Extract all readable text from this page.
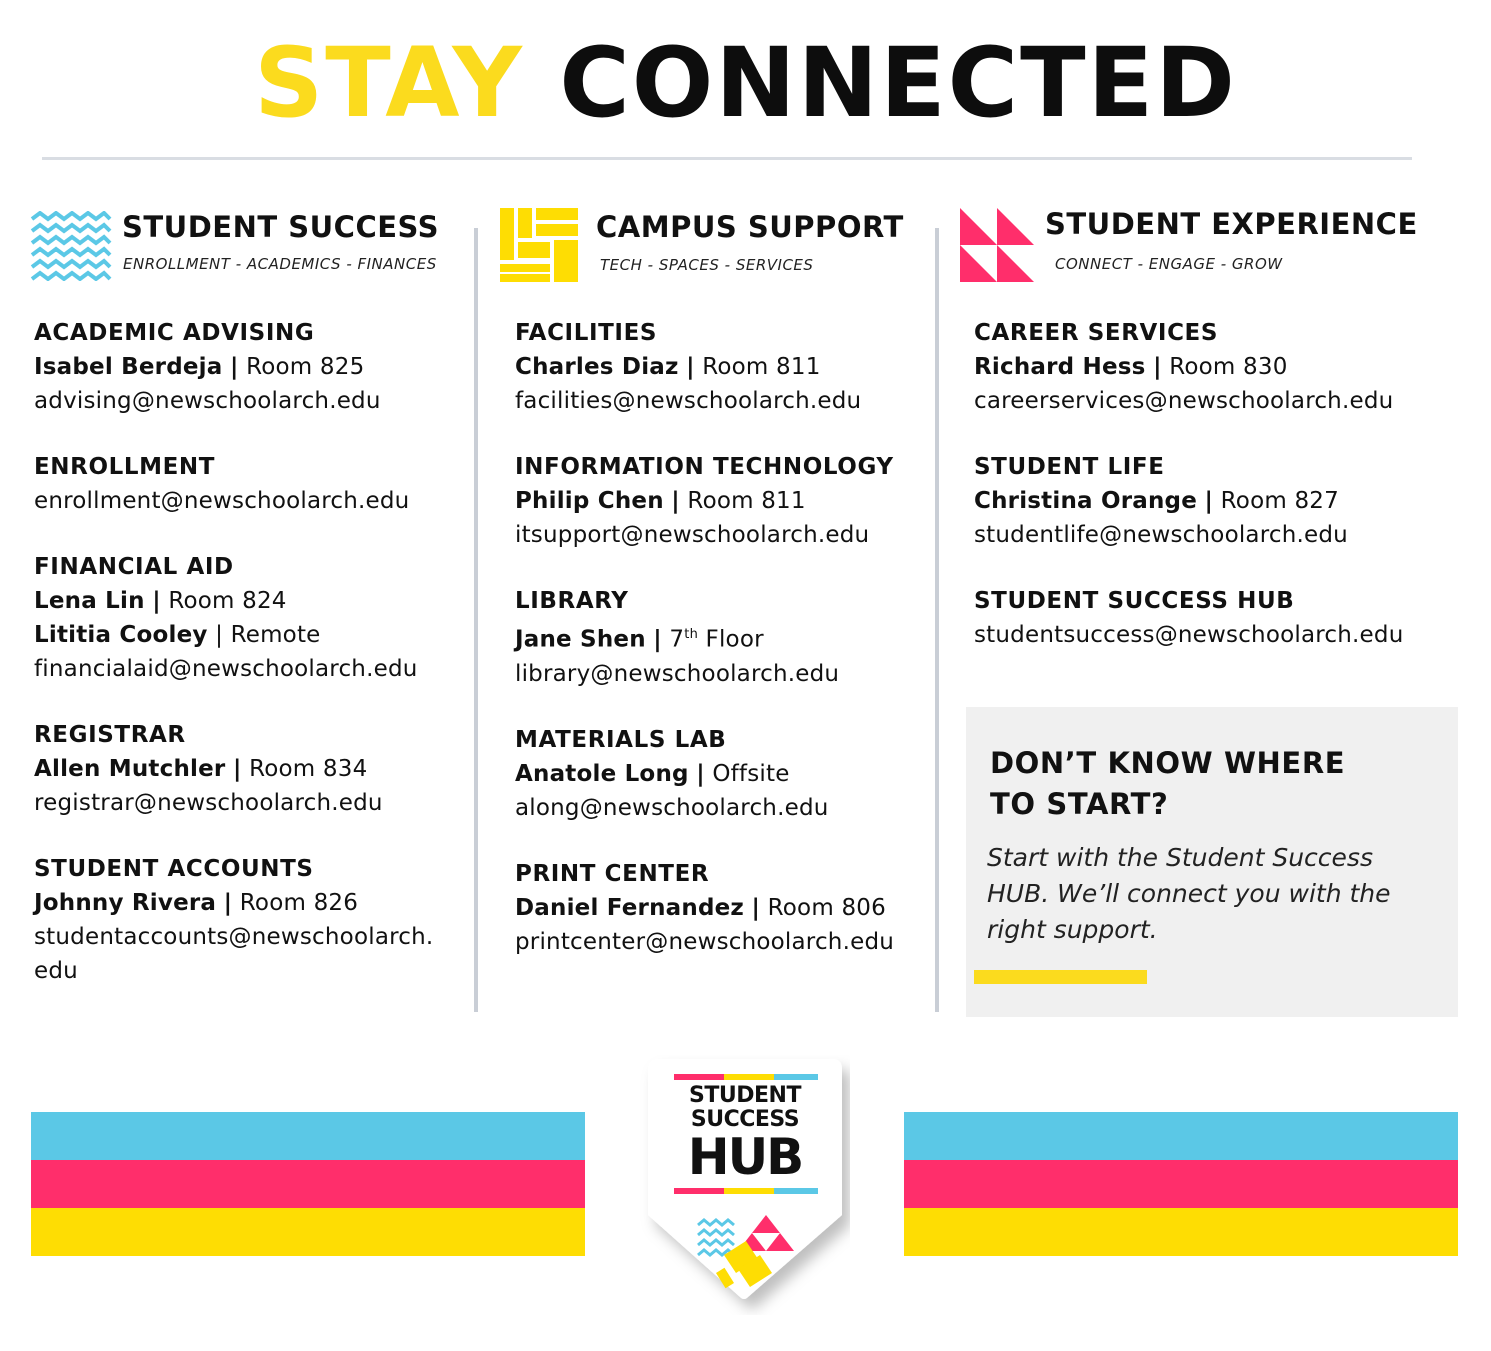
STAY CONNECTED
STUDENT SUCCESS
ENROLLMENT - ACADEMICS - FINANCES
CAMPUS SUPPORT
TECH - SPACES - SERVICES
STUDENT EXPERIENCE
CONNECT - ENGAGE - GROW
ACADEMIC ADVISING
Isabel Berdeja | Room 825
advising@newschoolarch.edu
ENROLLMENT
enrollment@newschoolarch.edu
FINANCIAL AID
Lena Lin | Room 824
Lititia Cooley | Remote
financialaid@newschoolarch.edu
REGISTRAR
Allen Mutchler | Room 834
registrar@newschoolarch.edu
STUDENT ACCOUNTS
Johnny Rivera | Room 826
studentaccounts@newschoolarch.
edu
FACILITIES
Charles Diaz | Room 811
facilities@newschoolarch.edu
INFORMATION TECHNOLOGY
Philip Chen | Room 811
itsupport@newschoolarch.edu
LIBRARY
Jane Shen | 7th Floor
library@newschoolarch.edu
MATERIALS LAB
Anatole Long | Offsite
along@newschoolarch.edu
PRINT CENTER
Daniel Fernandez | Room 806
printcenter@newschoolarch.edu
CAREER SERVICES
Richard Hess | Room 830
careerservices@newschoolarch.edu
STUDENT LIFE
Christina Orange | Room 827
studentlife@newschoolarch.edu
STUDENT SUCCESS HUB
studentsuccess@newschoolarch.edu
DON’T KNOW WHERE
TO START?

Start with the Student Success HUB. We’ll connect you with the right support.

STUDENT
SUCCESS
HUB
